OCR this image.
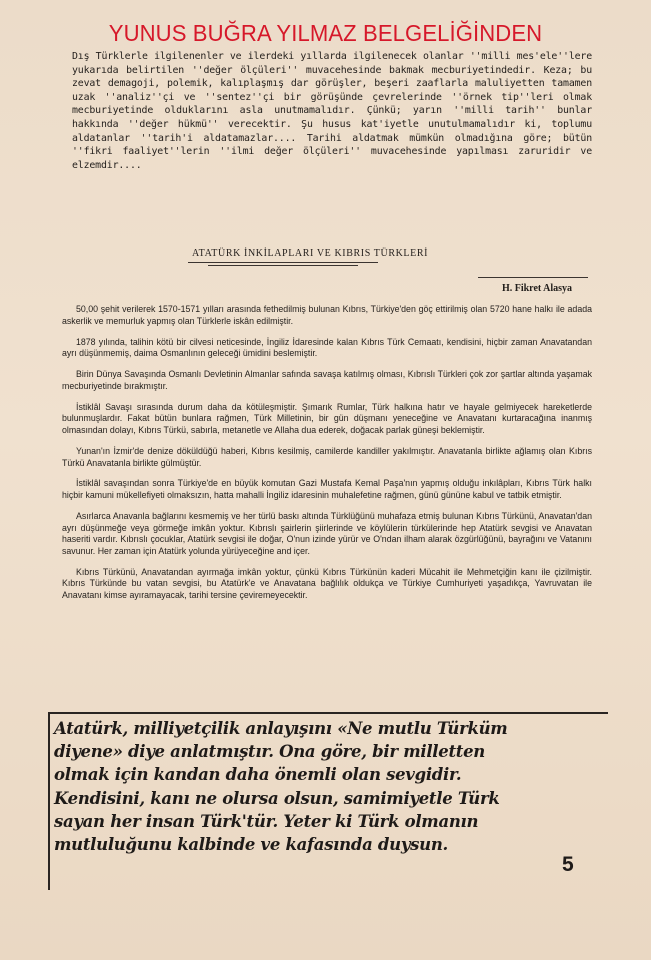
YUNUS BUĞRA YILMAZ BELGELİĞİNDEN

Dış Türklerle ilgilenenler ve ilerdeki yıllarda ilgilenecek olanlar ''milli mes'ele''lere yukarıda belirtilen ''değer ölçüleri'' muvacehesinde bakmak mecburiyetindedir. Keza; bu zevat demagoji, polemik, kalıplaşmış dar görüşler, beşeri zaaflarla maluliyetten tamamen uzak ''analiz''çi ve ''sentez''çi bir görüşünde çevrelerinde ''örnek tip''leri olmak mecburiyetinde olduklarını asla unutmamalıdır. Çünkü; yarın ''milli tarih'' bunlar hakkında ''değer hükmü'' verecektir. Şu husus kat'iyetle unutulmamalıdır ki, toplumu aldatanlar ''tarih'i aldatamazlar.... Tarihi aldatmak mümkün olmadığına göre; bütün ''fikri faaliyet''lerin ''ilmi değer ölçüleri'' muvacehesinde yapılması zaruridir ve elzemdir....

ATATÜRK İNKİLAPLARI VE KIBRIS TÜRKLERİ
H. Fikret Alasya

50,00 şehit verilerek 1570-1571 yılları arasında fethedilmiş bulunan Kıbrıs, Türkiye'den göç ettirilmiş olan 5720 hane halkı ile adada askerlik ve memurluk yapmış olan Türklerle iskân edilmiştir.

1878 yılında, talihin kötü bir cilvesi neticesinde, İngiliz İdaresinde kalan Kıbrıs Türk Cemaatı, kendisini, hiçbir zaman Anavatandan ayrı düşünmemiş, daima Osmanlının geleceği ümidini beslemiştir.

Birin Dünya Savaşında Osmanlı Devletinin Almanlar safında savaşa katılmış olması, Kıbrıslı Türkleri çok zor şartlar altında yaşamak mecburiyetinde bırakmıştır.

İstiklâl Savaşı sırasında durum daha da kötüleşmiştir. Şımarık Rumlar, Türk halkına hatır ve hayale gelmiyecek hareketlerde bulunmuşlardır. Fakat bütün bunlara rağmen, Türk Milletinin, bir gün düşmanı yeneceğine ve Anavatanı kurtaracağına inanmış olmasından dolayı, Kıbrıs Türkü, sabırla, metanetle ve Allaha dua ederek, doğacak parlak güneşi beklemiştir.

Yunan'ın İzmir'de denize döküldüğü haberi, Kıbrıs kesilmiş, camilerde kandiller yakılmıştır. Anavatanla birlikte ağlamış olan Kıbrıs Türkü Anavatanla birlikte gülmüştür.

İstiklâl savaşından sonra Türkiye'de en büyük komutan Gazi Mustafa Kemal Paşa'nın yapmış olduğu inkılâpları, Kıbrıs Türk halkı hiçbir kamuni mükellefiyeti olmaksızın, hatta mahalli İngiliz idaresinin muhalefetine rağmen, günü gününe kabul ve tatbik etmiştir.

Asırlarca Anavanla bağlarını kesmemiş ve her türlü baskı altında Türklüğünü muhafaza etmiş bulunan Kıbrıs Türkünü, Anavatan'dan ayrı düşünmeğe veya görmeğe imkân yoktur. Kıbrıslı şairlerin şiirlerinde ve köylülerin türkülerinde hep Atatürk sevgisi ve Anavatan haseriti vardır. Kıbrıslı çocuklar, Atatürk sevgisi ile doğar, O'nun izinde yürür ve O'ndan ilham alarak özgürlüğünü, bayrağını ve Vatanını savunur. Her zaman için Atatürk yolunda yürüyeceğine and içer.

Kıbrıs Türkünü, Anavatandan ayırmağa imkân yoktur, çünkü Kıbrıs Türkünün kaderi Mücahit ile Mehmetçiğin kanı ile çizilmiştir. Kıbrıs Türkünde bu vatan sevgisi, bu Atatürk'e ve Anavatana bağlılık oldukça ve Türkiye Cumhuriyeti yaşadıkça, Yavruvatan ile Anavatanı kimse ayıramayacak, tarihi tersine çeviremeyecektir.

Atatürk, milliyetçilik anlayışını «Ne mutlu Türküm
diyene» diye anlatmıştır. Ona göre, bir milletten
olmak için kandan daha önemli olan sevgidir.
Kendisini, kanı ne olursa olsun, samimiyetle Türk
sayan her insan Türk'tür. Yeter ki Türk olmanın
mutluluğunu kalbinde ve kafasında duysun.
5
